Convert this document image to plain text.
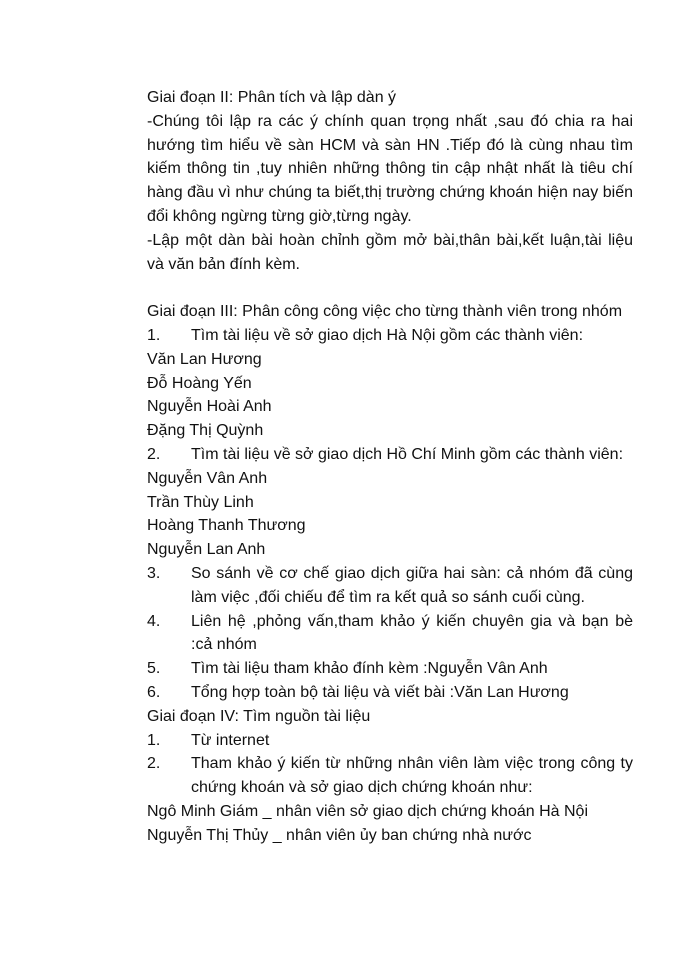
Giai đoạn II: Phân tích và lập dàn ý

-Chúng tôi lập ra các ý chính quan trọng nhất ,sau đó chia ra hai hướng tìm hiểu về sàn HCM và sàn HN .Tiếp đó là cùng nhau tìm kiếm thông tin ,tuy nhiên những thông tin cập nhật nhất là tiêu chí hàng đầu vì như chúng ta biết,thị trường chứng khoán hiện nay biến đổi không ngừng từng giờ,từng ngày.

-Lập một dàn bài hoàn chỉnh gồm mở bài,thân bài,kết luận,tài liệu và văn bản đính kèm.

Giai đoạn III: Phân công công việc cho từng thành viên trong nhóm

1.	Tìm tài liệu về sở giao dịch Hà Nội gồm các thành viên:

Văn Lan Hương

Đỗ Hoàng Yến

Nguyễn Hoài Anh

Đặng Thị Quỳnh

2.	Tìm tài liệu về sở giao dịch Hồ Chí Minh gồm các thành viên:

Nguyễn Vân Anh

Trần Thùy Linh

Hoàng Thanh Thương

Nguyễn Lan Anh

3.	So sánh về cơ chế giao dịch giữa hai sàn: cả nhóm đã cùng làm việc ,đối chiếu để tìm ra kết quả so sánh cuối cùng.
4.	Liên hệ ,phỏng vấn,tham khảo ý kiến chuyên gia và bạn bè :cả nhóm
5.	Tìm tài liệu tham khảo đính kèm :Nguyễn Vân Anh
6.	Tổng hợp toàn bộ tài liệu và viết bài :Văn Lan Hương

Giai đoạn IV: Tìm nguồn tài liệu

1.	Từ internet
2.	Tham khảo ý kiến từ những nhân viên làm việc trong công ty chứng khoán và sở giao dịch chứng khoán như:

Ngô Minh Giám _ nhân viên sở giao dịch chứng khoán Hà Nội

Nguyễn Thị Thủy _ nhân viên ủy ban chứng nhà nước
